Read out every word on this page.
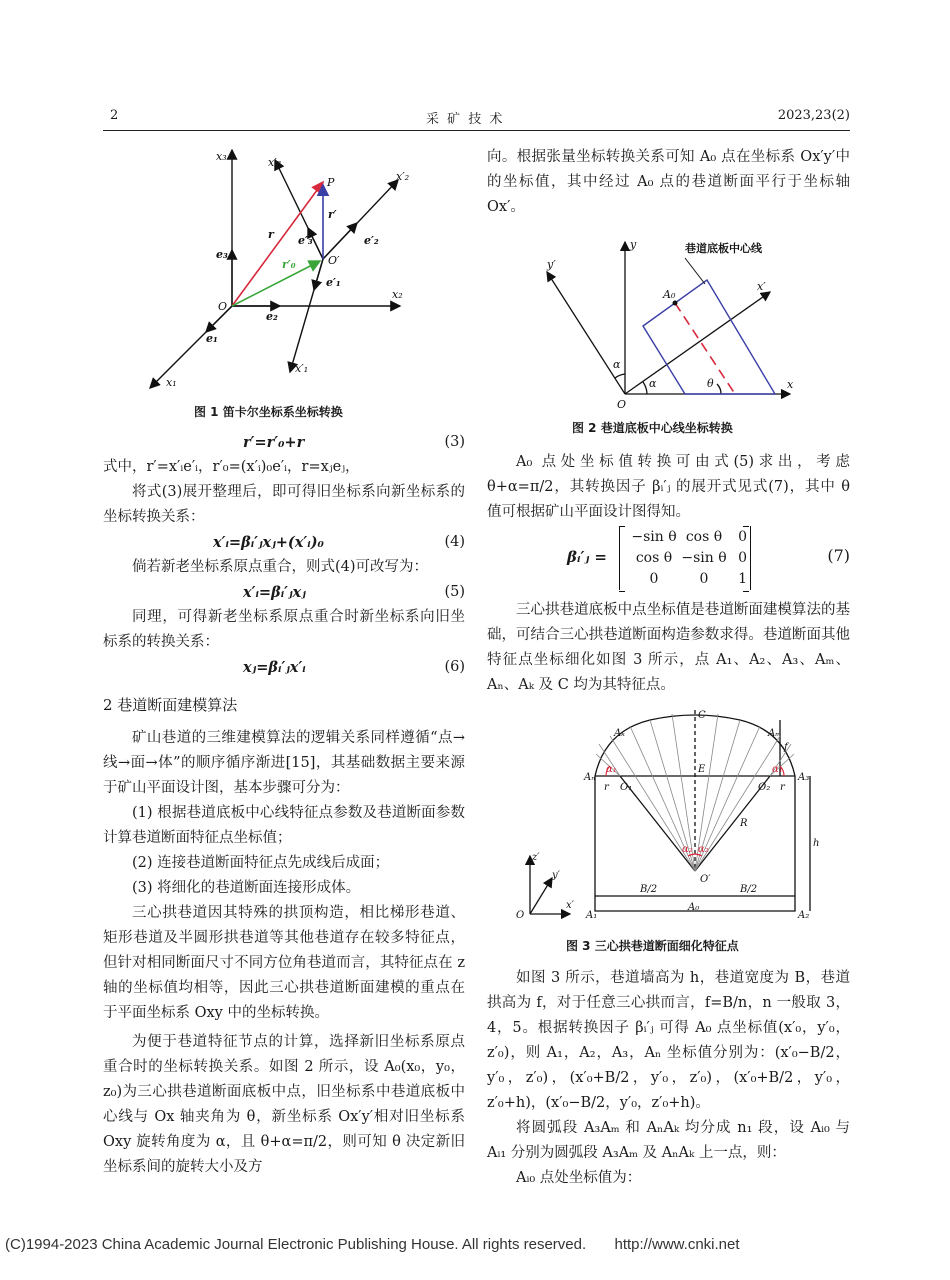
2	采 矿 技 术	2023,23(2)
x₃	x′₃
x′₂
x₂
x₁
x′₁
P
r
r′
r′₀
e₃
e₂
e₁
e′₃	e′₂
e′₁
O
O′
图 1 笛卡尔坐标系坐标转换
r′=r′₀+r	(3)

式中，r′=x′ᵢe′ᵢ，r′₀=(x′ᵢ)₀e′ᵢ，r=xⱼeⱼ，

将式(3)展开整理后，即可得旧坐标系向新坐标系的坐标转换关系：

x′ᵢ=βᵢ′ⱼxⱼ+(x′ᵢ)₀	(4)

倘若新老坐标系原点重合，则式(4)可改写为：

x′ᵢ=βᵢ′ⱼxⱼ	(5)

同理，可得新老坐标系原点重合时新坐标系向旧坐标系的转换关系：

xⱼ=βᵢ′ⱼx′ᵢ	(6)
2 巷道断面建模算法

矿山巷道的三维建模算法的逻辑关系同样遵循“点→线→面→体”的顺序循序渐进[15]，其基础数据主要来源于矿山平面设计图，基本步骤可分为：

(1) 根据巷道底板中心线特征点参数及巷道断面参数计算巷道断面特征点坐标值；

(2) 连接巷道断面特征点先成线后成面；

(3) 将细化的巷道断面连接形成体。

三心拱巷道因其特殊的拱顶构造，相比梯形巷道、矩形巷道及半圆形拱巷道等其他巷道存在较多特征点，但针对相同断面尺寸不同方位角巷道而言，其特征点在 z 轴的坐标值均相等，因此三心拱巷道断面建模的重点在于平面坐标系 Oxy 中的坐标转换。

为便于巷道特征节点的计算，选择新旧坐标系原点重合时的坐标转换关系。如图 2 所示，设 A₀(x₀，y₀，z₀)为三心拱巷道断面底板中点，旧坐标系中巷道底板中心线与 Ox 轴夹角为 θ，新坐标系 Ox′y′相对旧坐标系 Oxy 旋转角度为 α，且 θ+α=π/2，则可知 θ 决定新旧坐标系间的旋转大小及方

向。根据张量坐标转换关系可知 A₀ 点在坐标系 Ox′y′中的坐标值，其中经过 A₀ 点的巷道断面平行于坐标轴 Ox′。

巷道底板中心线
y
y′
x′
x
A₀
α
α	θ
O
图 2 巷道底板中心线坐标转换

A₀ 点处坐标值转换可由式(5)求出，考虑 θ+α=π/2，其转换因子 βᵢ′ⱼ 的展开式见式(7)，其中 θ 值可根据矿山平面设计图得知。

βᵢ′ⱼ =
−sin θ cos θ	0
cos θ −sin θ 0
0	0	1
(7)

三心拱巷道底板中点坐标值是巷道断面建模算法的基础，可结合三心拱巷道断面构造参数求得。巷道断面其他特征点坐标细化如图 3 所示，点 A₁、A₂、A₃、Aₘ、Aₙ、Aₖ 及 C 均为其特征点。

C
Aₖ	Aₘ
f
Aₙ	A₃
E
r	r
O₁	O₂
α₁	α₁
R
h
α₂ α₂
O′
z′
y′
x′
O
B/2	B/2
A₀
A₁	A₂
图 3 三心拱巷道断面细化特征点

如图 3 所示，巷道墙高为 h，巷道宽度为 B，巷道拱高为 f，对于任意三心拱而言，f=B/n，n 一般取 3，4，5。根据转换因子 βᵢ′ⱼ 可得 A₀ 点坐标值(x′₀，y′₀，z′₀)，则 A₁，A₂，A₃，Aₙ 坐标值分别为：(x′₀−B/2，y′₀，z′₀)，(x′₀+B/2，y′₀，z′₀)，(x′₀+B/2，y′₀，z′₀+h)，(x′₀−B/2，y′₀，z′₀+h)。

将圆弧段 A₃Aₘ 和 AₙAₖ 均分成 n₁ 段，设 Aᵢ₀ 与 Aᵢ₁ 分别为圆弧段 A₃Aₘ 及 AₙAₖ 上一点，则：

Aᵢ₀ 点处坐标值为：

(C)1994-2023 China Academic Journal Electronic Publishing House. All rights reserved. http://www.cnki.net
